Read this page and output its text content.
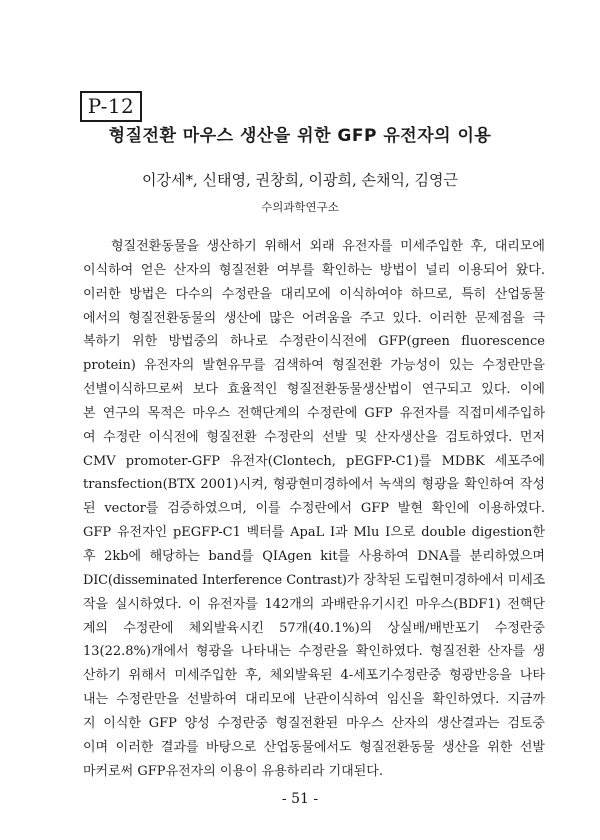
P-12
형질전환 마우스 생산을 위한 GFP 유전자의 이용
이강세*, 신태영, 권창희, 이광희, 손채익, 김영근
수의과학연구소
형질전환동물을 생산하기 위해서 외래 유전자를 미세주입한 후, 대리모에
이식하여 얻은 산자의 형질전환 여부를 확인하는 방법이 널리 이용되어 왔다.
이러한 방법은 다수의 수정란을 대리모에 이식하여야 하므로, 특히 산업동물
에서의 형질전환동물의 생산에 많은 어려움을 주고 있다. 이러한 문제점을 극
복하기 위한 방법중의 하나로 수정란이식전에 GFP(green fluorescence
protein) 유전자의 발현유무를 검색하여 형질전환 가능성이 있는 수정란만을
선별이식하므로써 보다 효율적인 형질전환동물생산법이 연구되고 있다. 이에
본 연구의 목적은 마우스 전핵단계의 수정란에 GFP 유전자를 직접미세주입하
여 수정란 이식전에 형질전환 수정란의 선발 및 산자생산을 검토하였다. 먼저
CMV promoter-GFP 유전자(Clontech, pEGFP-C1)를 MDBK 세포주에
transfection(BTX 2001)시켜, 형광현미경하에서 녹색의 형광을 확인하여 작성
된 vector를 검증하였으며, 이를 수정란에서 GFP 발현 확인에 이용하였다.
GFP 유전자인 pEGFP-C1 벡터를 ApaL I과 Mlu I으로 double digestion한
후 2kb에 해당하는 band를 QIAgen kit를 사용하여 DNA를 분리하였으며
DIC(disseminated Interference Contrast)가 장착된 도립현미경하에서 미세조
작을 실시하였다. 이 유전자를 142개의 과배란유기시킨 마우스(BDF1) 전핵단
계의 수정란에 체외발육시킨 57개(40.1%)의 상실배/배반포기 수정란중
13(22.8%)개에서 형광을 나타내는 수정란을 확인하였다. 형질전환 산자를 생
산하기 위해서 미세주입한 후, 체외발육된 4-세포기수정란중 형광반응을 나타
내는 수정란만을 선발하여 대리모에 난관이식하여 임신을 확인하였다. 지금까
지 이식한 GFP 양성 수정란중 형질전환된 마우스 산자의 생산결과는 검토중
이며 이러한 결과를 바탕으로 산업동물에서도 형질전환동물 생산을 위한 선발
마커로써 GFP유전자의 이용이 유용하리라 기대된다.
- 51 -
